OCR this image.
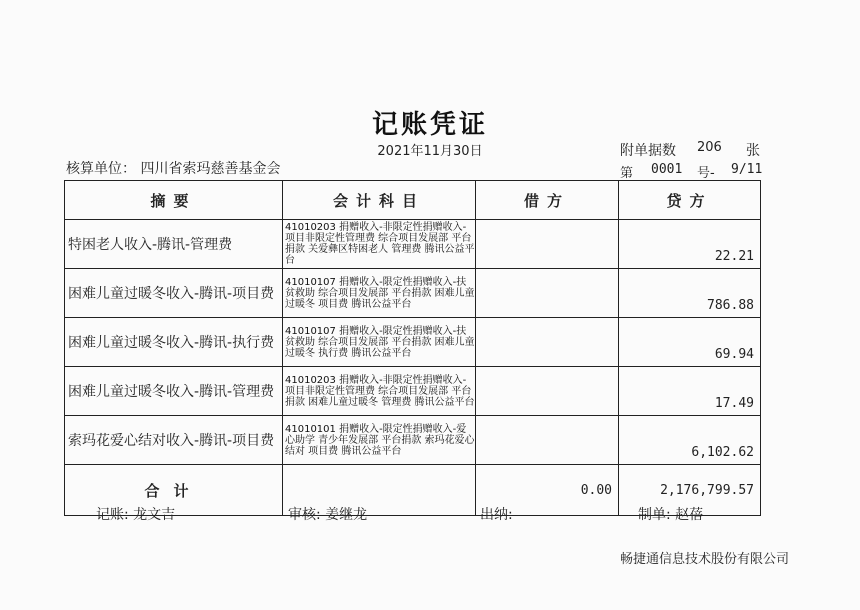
记账凭证
2021年11月30日
核算单位： 四川省索玛慈善基金会
附单据数 206 张
第 0001 号- 9/11
摘要	会计科目	借方	贷方
特困老人收入-腾讯-管理费	41010203 捐赠收入-非限定性捐赠收入-项目非限定性管理费 综合项目发展部 平台捐款 关爱彝区特困老人 管理费 腾讯公益平台		22.21
困难儿童过暖冬收入-腾讯-项目费	41010107 捐赠收入-限定性捐赠收入-扶贫救助 综合项目发展部 平台捐款 困难儿童过暖冬 项目费 腾讯公益平台		786.88
困难儿童过暖冬收入-腾讯-执行费	41010107 捐赠收入-限定性捐赠收入-扶贫救助 综合项目发展部 平台捐款 困难儿童过暖冬 执行费 腾讯公益平台		69.94
困难儿童过暖冬收入-腾讯-管理费	41010203 捐赠收入-非限定性捐赠收入-项目非限定性管理费 综合项目发展部 平台捐款 困难儿童过暖冬 管理费 腾讯公益平台		17.49
索玛花爱心结对收入-腾讯-项目费	41010101 捐赠收入-限定性捐赠收入-爱心助学 青少年发展部 平台捐款 索玛花爱心结对 项目费 腾讯公益平台		6,102.62
合计		0.00	2,176,799.57
记账: 龙文吉	审核: 姜继龙	出纳:	制单: 赵蓓
畅捷通信息技术股份有限公司
